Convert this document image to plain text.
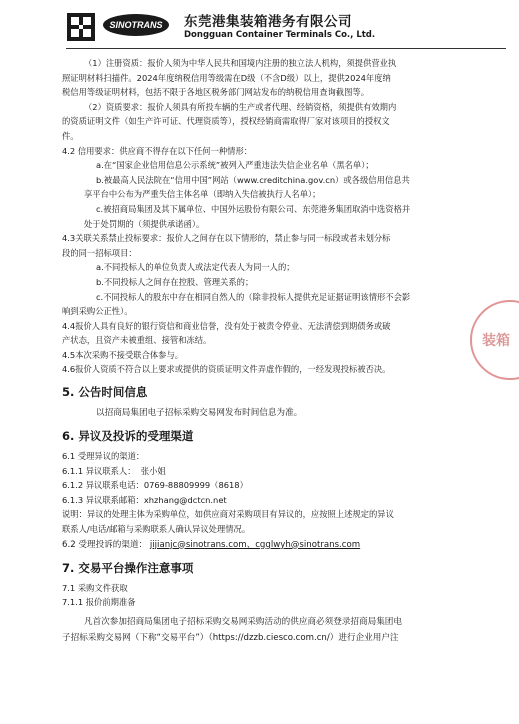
SINOTRANS 东莞港集装箱港务有限公司
Dongguan Container Terminals Co., Ltd.
装箱

（1）注册资质：报价人须为中华人民共和国境内注册的独立法人机构，须提供营业执

照证明材料扫描件。2024年度纳税信用等级需在D级（不含D级）以上，提供2024年度纳

税信用等级证明材料，包括不限于各地区税务部门网站发布的纳税信用查询截图等。

（2）资质要求：报价人须具有所投车辆的生产或者代理、经销资格，须提供有效期内

的资质证明文件（如生产许可证、代理资质等），授权经销商需取得厂家对该项目的授权文

件。

4.2 信用要求：供应商不得存在以下任何一种情形：

a.在“国家企业信用信息公示系统”被列入严重违法失信企业名单（黑名单）；

b.被最高人民法院在“信用中国”网站（www.creditchina.gov.cn）或各级信用信息共

享平台中公布为严重失信主体名单（即纳入失信被执行人名单）；

c.被招商局集团及其下属单位、中国外运股份有限公司、东莞港务集团取消中选资格并

处于处罚期的（须提供承诺函）。

4.3关联关系禁止投标要求：报价人之间存在以下情形的，禁止参与同一标段或者未划分标

段的同一招标项目：

a.不同投标人的单位负责人或法定代表人为同一人的；

b.不同投标人之间存在控股、管理关系的；

c.不同投标人的股东中存在相同自然人的（除非投标人提供充足证据证明该情形不会影

响到采购公正性）。

4.4报价人具有良好的银行资信和商业信誉，没有处于被责令停业、无法清偿到期债务或破

产状态，且资产未被重组、接管和冻结。

4.5本次采购不接受联合体参与。

4.6报价人资质不符合以上要求或提供的资质证明文件弄虚作假的，一经发现投标被否决。

5. 公告时间信息

以招商局集团电子招标采购交易网发布时间信息为准。

6. 异议及投诉的受理渠道

6.1 受理异议的渠道：

6.1.1 异议联系人： 张小姐

6.1.2 异议联系电话：0769-88809999（8618）

6.1.3 异议联系邮箱：xhzhang@dctcn.net

说明：异议的处理主体为采购单位，如供应商对采购项目有异议的，应按照上述规定的异议

联系人/电话/邮箱与采购联系人确认异议处理情况。

6.2 受理投诉的渠道： jijianjc@sinotrans.com、cgglwyh@sinotrans.com

7. 交易平台操作注意事项

7.1 采购文件获取

7.1.1 报价前期准备

凡首次参加招商局集团电子招标采购交易网采购活动的供应商必须登录招商局集团电

子招标采购交易网（下称“交易平台”）（https://dzzb.ciesco.com.cn/）进行企业用户注
